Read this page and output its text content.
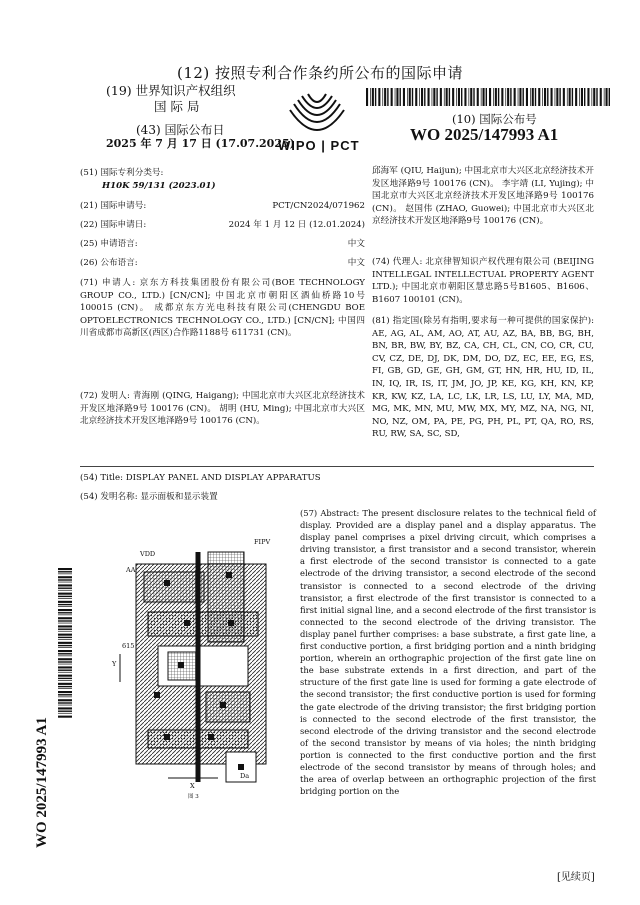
(12) 按照专利合作条约所公布的国际申请
(19) 世界知识产权组织
国 际 局
(43) 国际公布日
2025 年 7 月 17 日 (17.07.2025)
WIPO | PCT
(10) 国际公布号
WO 2025/147993 A1
(51) 国际专利分类号:
H10K 59/131 (2023.01)
(21) 国际申请号:	PCT/CN2024/071962
(22) 国际申请日:	2024 年 1 月 12 日 (12.01.2024)
(25) 申请语言:	中文
(26) 公布语言:	中文
(71) 申请人: 京东方科技集团股份有限公司(BOE TECHNOLOGY GROUP CO., LTD.) [CN/CN]; 中国北京市朝阳区酒仙桥路10号 100015 (CN)。 成都京东方光电科技有限公司(CHENGDU BOE OPTOELECTRONICS TECHNOLOGY CO., LTD.) [CN/CN]; 中国四川省成都市高新区(西区)合作路1188号 611731 (CN)。
(72) 发明人: 青海刚 (QING, Haigang); 中国北京市大兴区北京经济技术开发区地泽路9号 100176 (CN)。 胡明 (HU, Ming); 中国北京市大兴区北京经济技术开发区地泽路9号 100176 (CN)。
邱海军 (QIU, Haijun); 中国北京市大兴区北京经济技术开发区地泽路9号 100176 (CN)。 李宇靖 (LI, Yujing); 中国北京市大兴区北京经济技术开发区地泽路9号 100176 (CN)。 赵国伟 (ZHAO, Guowei); 中国北京市大兴区北京经济技术开发区地泽路9号 100176 (CN)。
(74) 代理人: 北京律智知识产权代理有限公司 (BEIJING INTELLEGAL INTELLECTUAL PROPERTY AGENT LTD.); 中国北京市朝阳区慧忠路5号B1605、B1606、B1607 100101 (CN)。
(81) 指定国(除另有指明,要求每一种可提供的国家保护): AE, AG, AL, AM, AO, AT, AU, AZ, BA, BB, BG, BH, BN, BR, BW, BY, BZ, CA, CH, CL, CN, CO, CR, CU, CV, CZ, DE, DJ, DK, DM, DO, DZ, EC, EE, EG, ES, FI, GB, GD, GE, GH, GM, GT, HN, HR, HU, ID, IL, IN, IQ, IR, IS, IT, JM, JO, JP, KE, KG, KH, KN, KP, KR, KW, KZ, LA, LC, LK, LR, LS, LU, LY, MA, MD, MG, MK, MN, MU, MW, MX, MY, MZ, NA, NG, NI, NO, NZ, OM, PA, PE, PG, PH, PL, PT, QA, RO, RS, RU, RW, SA, SC, SD,
(54) Title: DISPLAY PANEL AND DISPLAY APPARATUS
(54) 发明名称: 显示面板和显示装置
(57) Abstract: The present disclosure relates to the technical field of display. Provided are a display panel and a display apparatus. The display panel comprises a pixel driving circuit, which comprises a driving transistor, a first transistor and a second transistor, wherein a first electrode of the second transistor is connected to a gate electrode of the driving transistor, a second electrode of the second transistor is connected to a second electrode of the driving transistor, a first electrode of the first transistor is connected to a first initial signal line, and a second electrode of the first transistor is connected to the second electrode of the driving transistor. The display panel further comprises: a base substrate, a first gate line, a first conductive portion, a first bridging portion and a ninth bridging portion, wherein an orthographic projection of the first gate line on the base substrate extends in a first direction, and part of the structure of the first gate line is used for forming a gate electrode of the second transistor; the first conductive portion is used for forming the gate electrode of the driving transistor; the first bridging portion is connected to the second electrode of the first transistor, the second electrode of the driving transistor and the second electrode of the second transistor by means of via holes; the ninth bridging portion is connected to the first conductive portion and the first electrode of the second transistor by means of through holes; and the area of overlap between an orthographic projection of the first bridging portion on the
WO 2025/147993 A1
VDD
FIPV
AA
615
Y
X
Da
图 3
[见续页]
